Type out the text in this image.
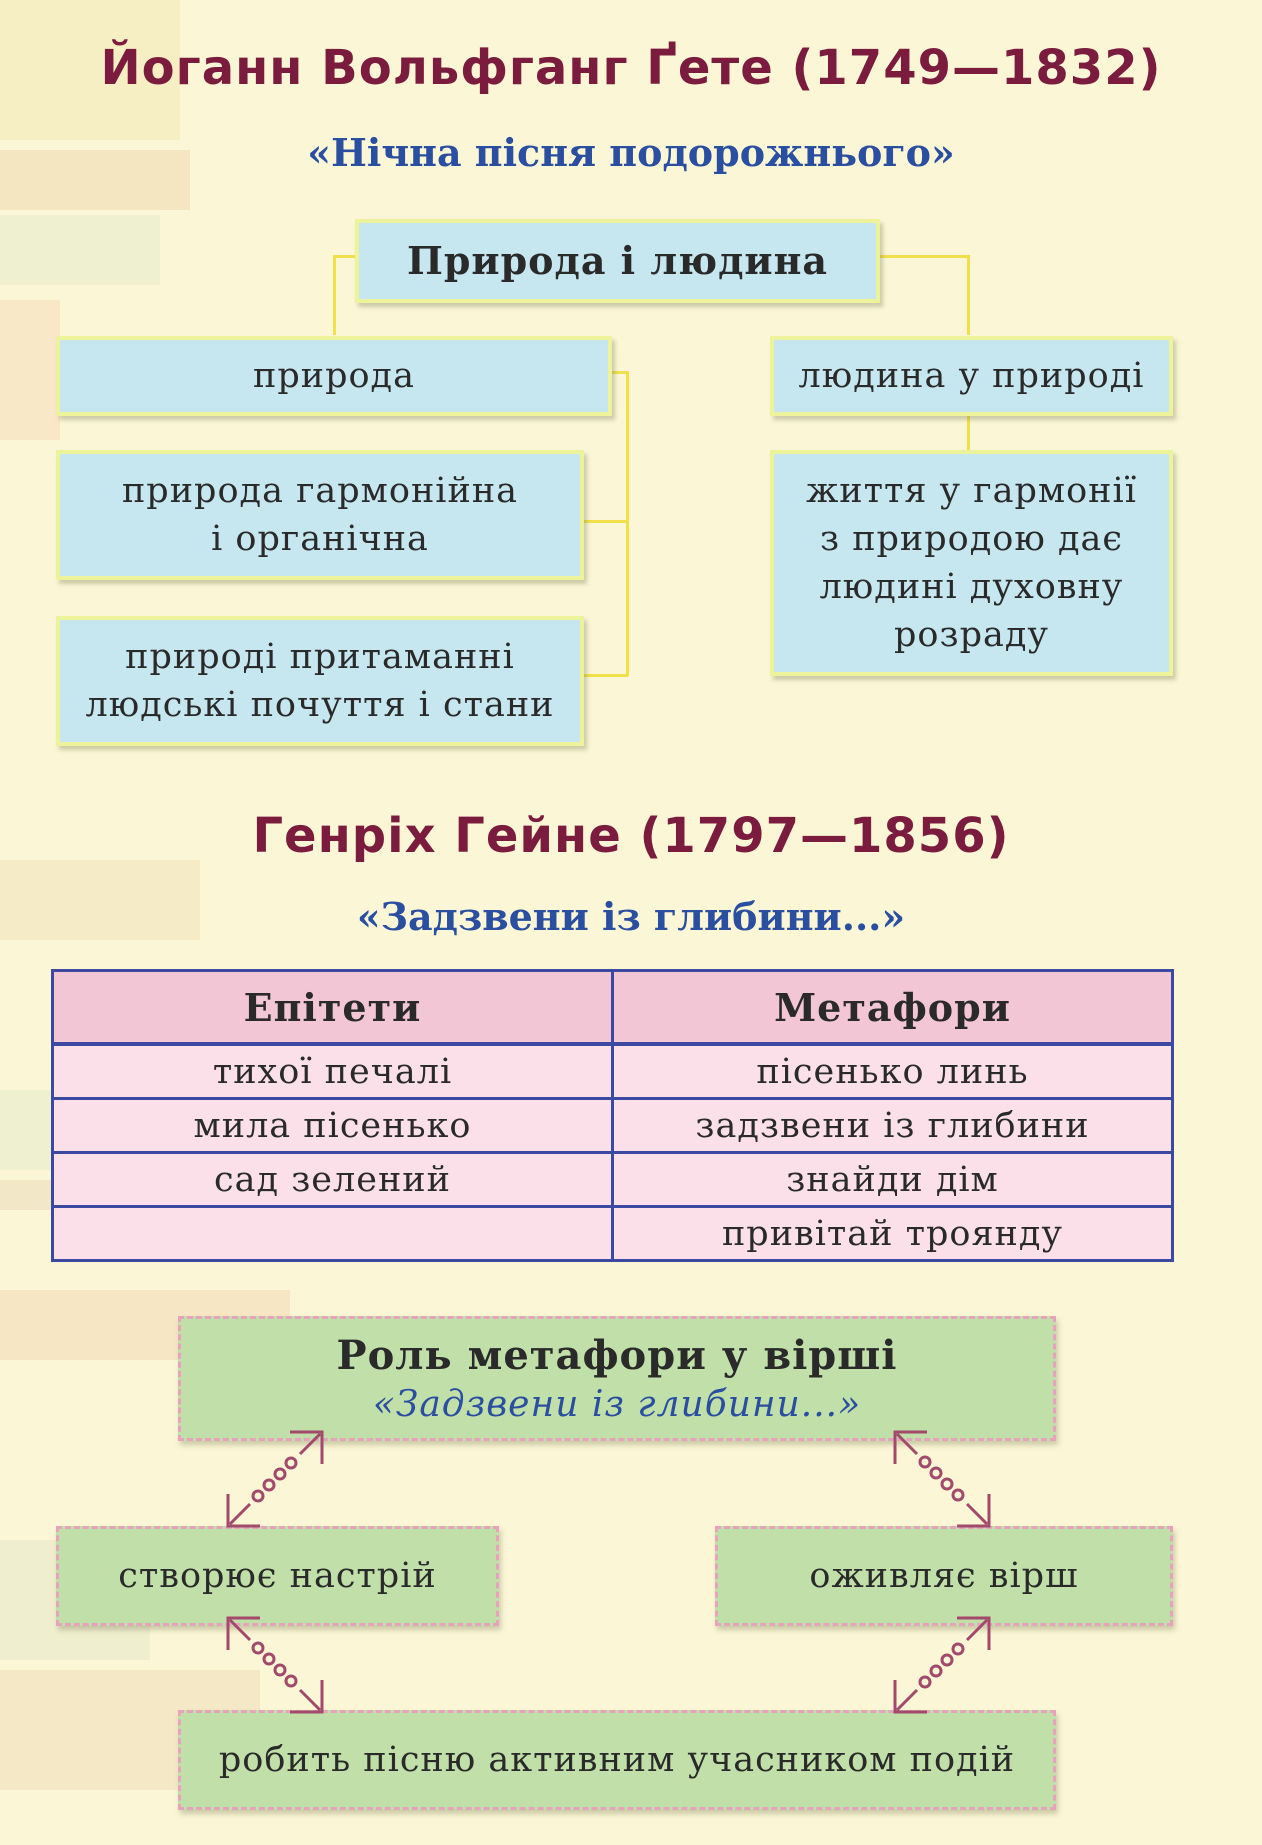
Йоганн Вольфганг Ґете (1749—1832)
«Нічна пісня подорожнього»
Природа і людина
природа	людина у природі
природа гармонійна
і органічна
природі притаманні
людські почуття і стани
життя у гармонії
з природою дає
людині духовну
розраду
Генріх Гейне (1797—1856)
«Задзвени із глибини...»
Епітети	Метафори
тихої печалі	пісенько линь
мила пісенько	задзвени із глибини
сад зелений	знайди дім
	привітай троянду
Роль метафори у вірші
«Задзвени із глибини...»
створює настрій	оживляє вірш
робить пісню активним учасником подій
